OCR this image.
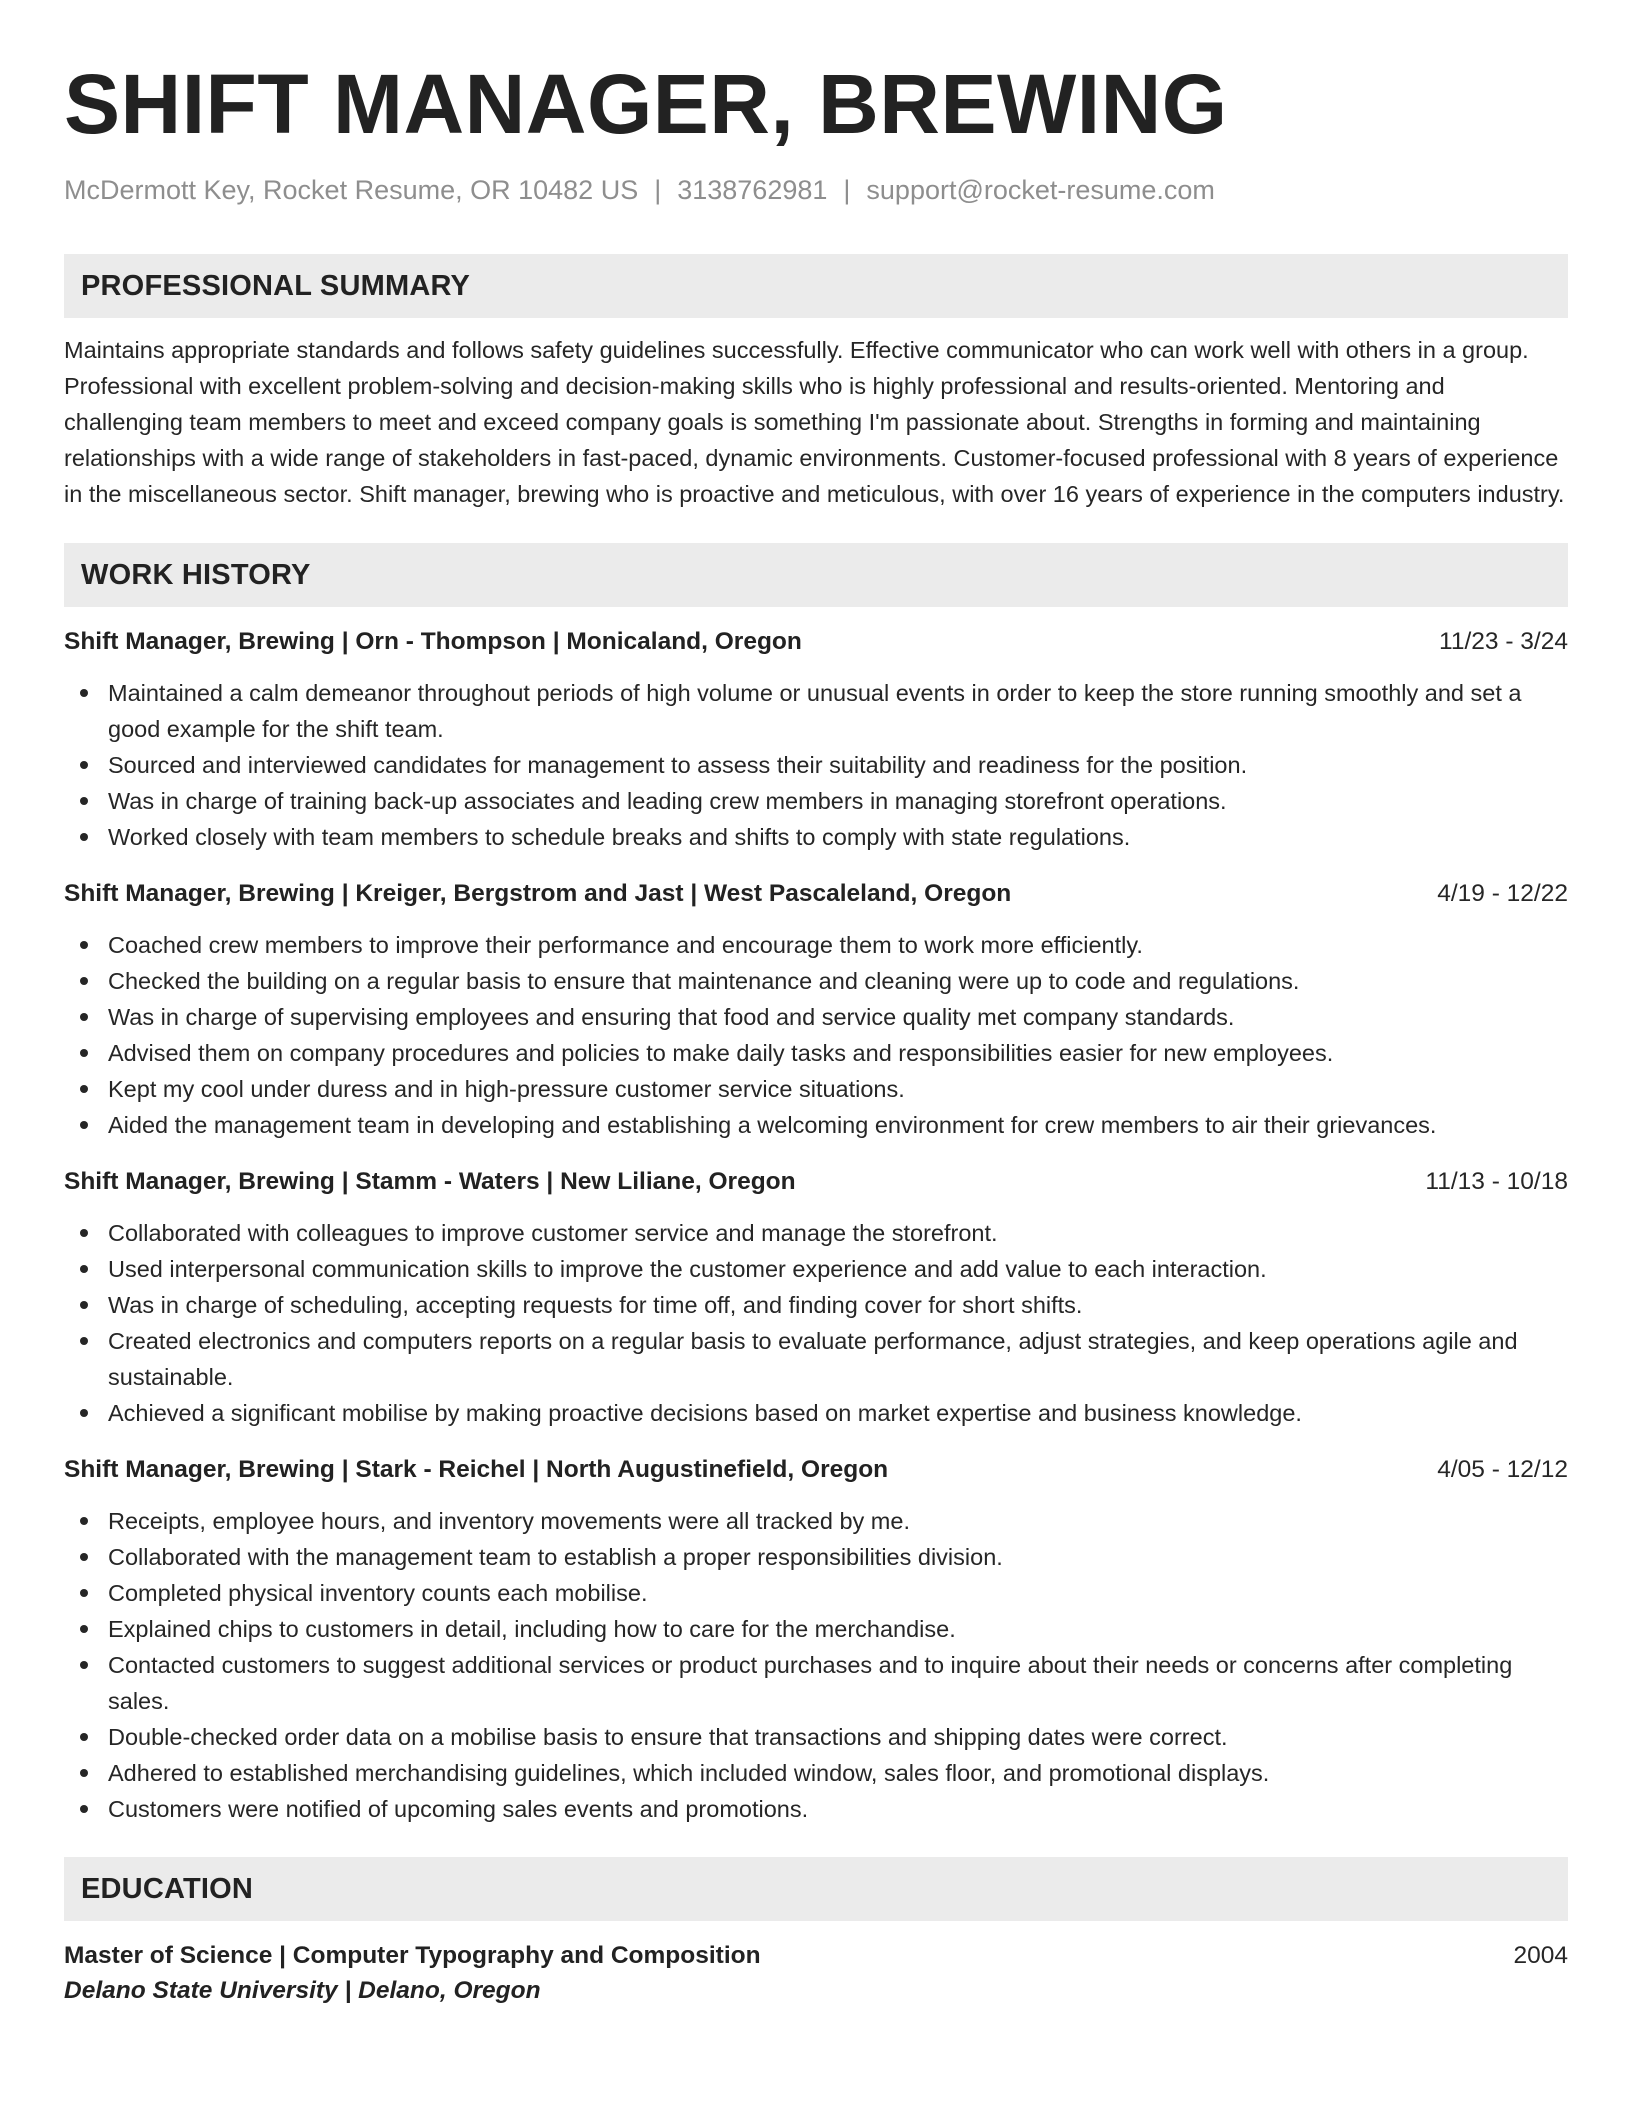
SHIFT MANAGER, BREWING
McDermott Key, Rocket Resume, OR 10482 US | 3138762981 | support@rocket-resume.com
PROFESSIONAL SUMMARY
Maintains appropriate standards and follows safety guidelines successfully. Effective communicator who can work well with others in a group. Professional with excellent problem-solving and decision-making skills who is highly professional and results-oriented. Mentoring and challenging team members to meet and exceed company goals is something I'm passionate about. Strengths in forming and maintaining relationships with a wide range of stakeholders in fast-paced, dynamic environments. Customer-focused professional with 8 years of experience in the miscellaneous sector. Shift manager, brewing who is proactive and meticulous, with over 16 years of experience in the computers industry.
WORK HISTORY
Shift Manager, Brewing | Orn - Thompson | Monicaland, Oregon	11/23 - 3/24
Maintained a calm demeanor throughout periods of high volume or unusual events in order to keep the store running smoothly and set a good example for the shift team.
Sourced and interviewed candidates for management to assess their suitability and readiness for the position.
Was in charge of training back-up associates and leading crew members in managing storefront operations.
Worked closely with team members to schedule breaks and shifts to comply with state regulations.
Shift Manager, Brewing | Kreiger, Bergstrom and Jast | West Pascaleland, Oregon	4/19 - 12/22
Coached crew members to improve their performance and encourage them to work more efficiently.
Checked the building on a regular basis to ensure that maintenance and cleaning were up to code and regulations.
Was in charge of supervising employees and ensuring that food and service quality met company standards.
Advised them on company procedures and policies to make daily tasks and responsibilities easier for new employees.
Kept my cool under duress and in high-pressure customer service situations.
Aided the management team in developing and establishing a welcoming environment for crew members to air their grievances.
Shift Manager, Brewing | Stamm - Waters | New Liliane, Oregon	11/13 - 10/18
Collaborated with colleagues to improve customer service and manage the storefront.
Used interpersonal communication skills to improve the customer experience and add value to each interaction.
Was in charge of scheduling, accepting requests for time off, and finding cover for short shifts.
Created electronics and computers reports on a regular basis to evaluate performance, adjust strategies, and keep operations agile and sustainable.
Achieved a significant mobilise by making proactive decisions based on market expertise and business knowledge.
Shift Manager, Brewing | Stark - Reichel | North Augustinefield, Oregon	4/05 - 12/12
Receipts, employee hours, and inventory movements were all tracked by me.
Collaborated with the management team to establish a proper responsibilities division.
Completed physical inventory counts each mobilise.
Explained chips to customers in detail, including how to care for the merchandise.
Contacted customers to suggest additional services or product purchases and to inquire about their needs or concerns after completing sales.
Double-checked order data on a mobilise basis to ensure that transactions and shipping dates were correct.
Adhered to established merchandising guidelines, which included window, sales floor, and promotional displays.
Customers were notified of upcoming sales events and promotions.
EDUCATION
Master of Science | Computer Typography and Composition	2004
Delano State University | Delano, Oregon
